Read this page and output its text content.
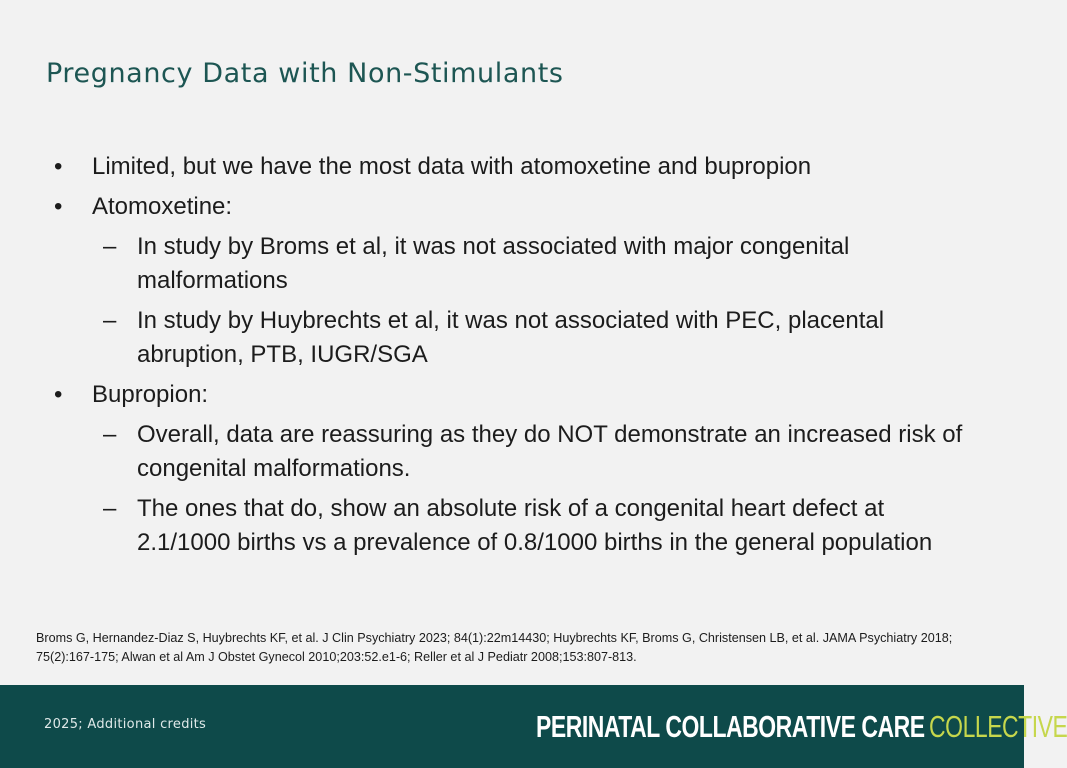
Pregnancy Data with Non-Stimulants
• Limited, but we have the most data with atomoxetine and bupropion
• Atomoxetine:
– In study by Broms et al, it was not associated with major congenital malformations
– In study by Huybrechts et al, it was not associated with PEC, placental abruption, PTB, IUGR/SGA
• Bupropion:
– Overall, data are reassuring as they do NOT demonstrate an increased risk of congenital malformations.
– The ones that do, show an absolute risk of a congenital heart defect at 2.1/1000 births vs a prevalence of 0.8/1000 births in the general population
Broms G, Hernandez-Diaz S, Huybrechts KF, et al. J Clin Psychiatry 2023; 84(1):22m14430; Huybrechts KF, Broms G, Christensen LB, et al. JAMA Psychiatry 2018; 75(2):167-175; Alwan et al Am J Obstet Gynecol 2010;203:52.e1-6; Reller et al J Pediatr 2008;153:807-813.
2025; Additional credits	PERINATAL COLLABORATIVE CARE COLLECTIVE
